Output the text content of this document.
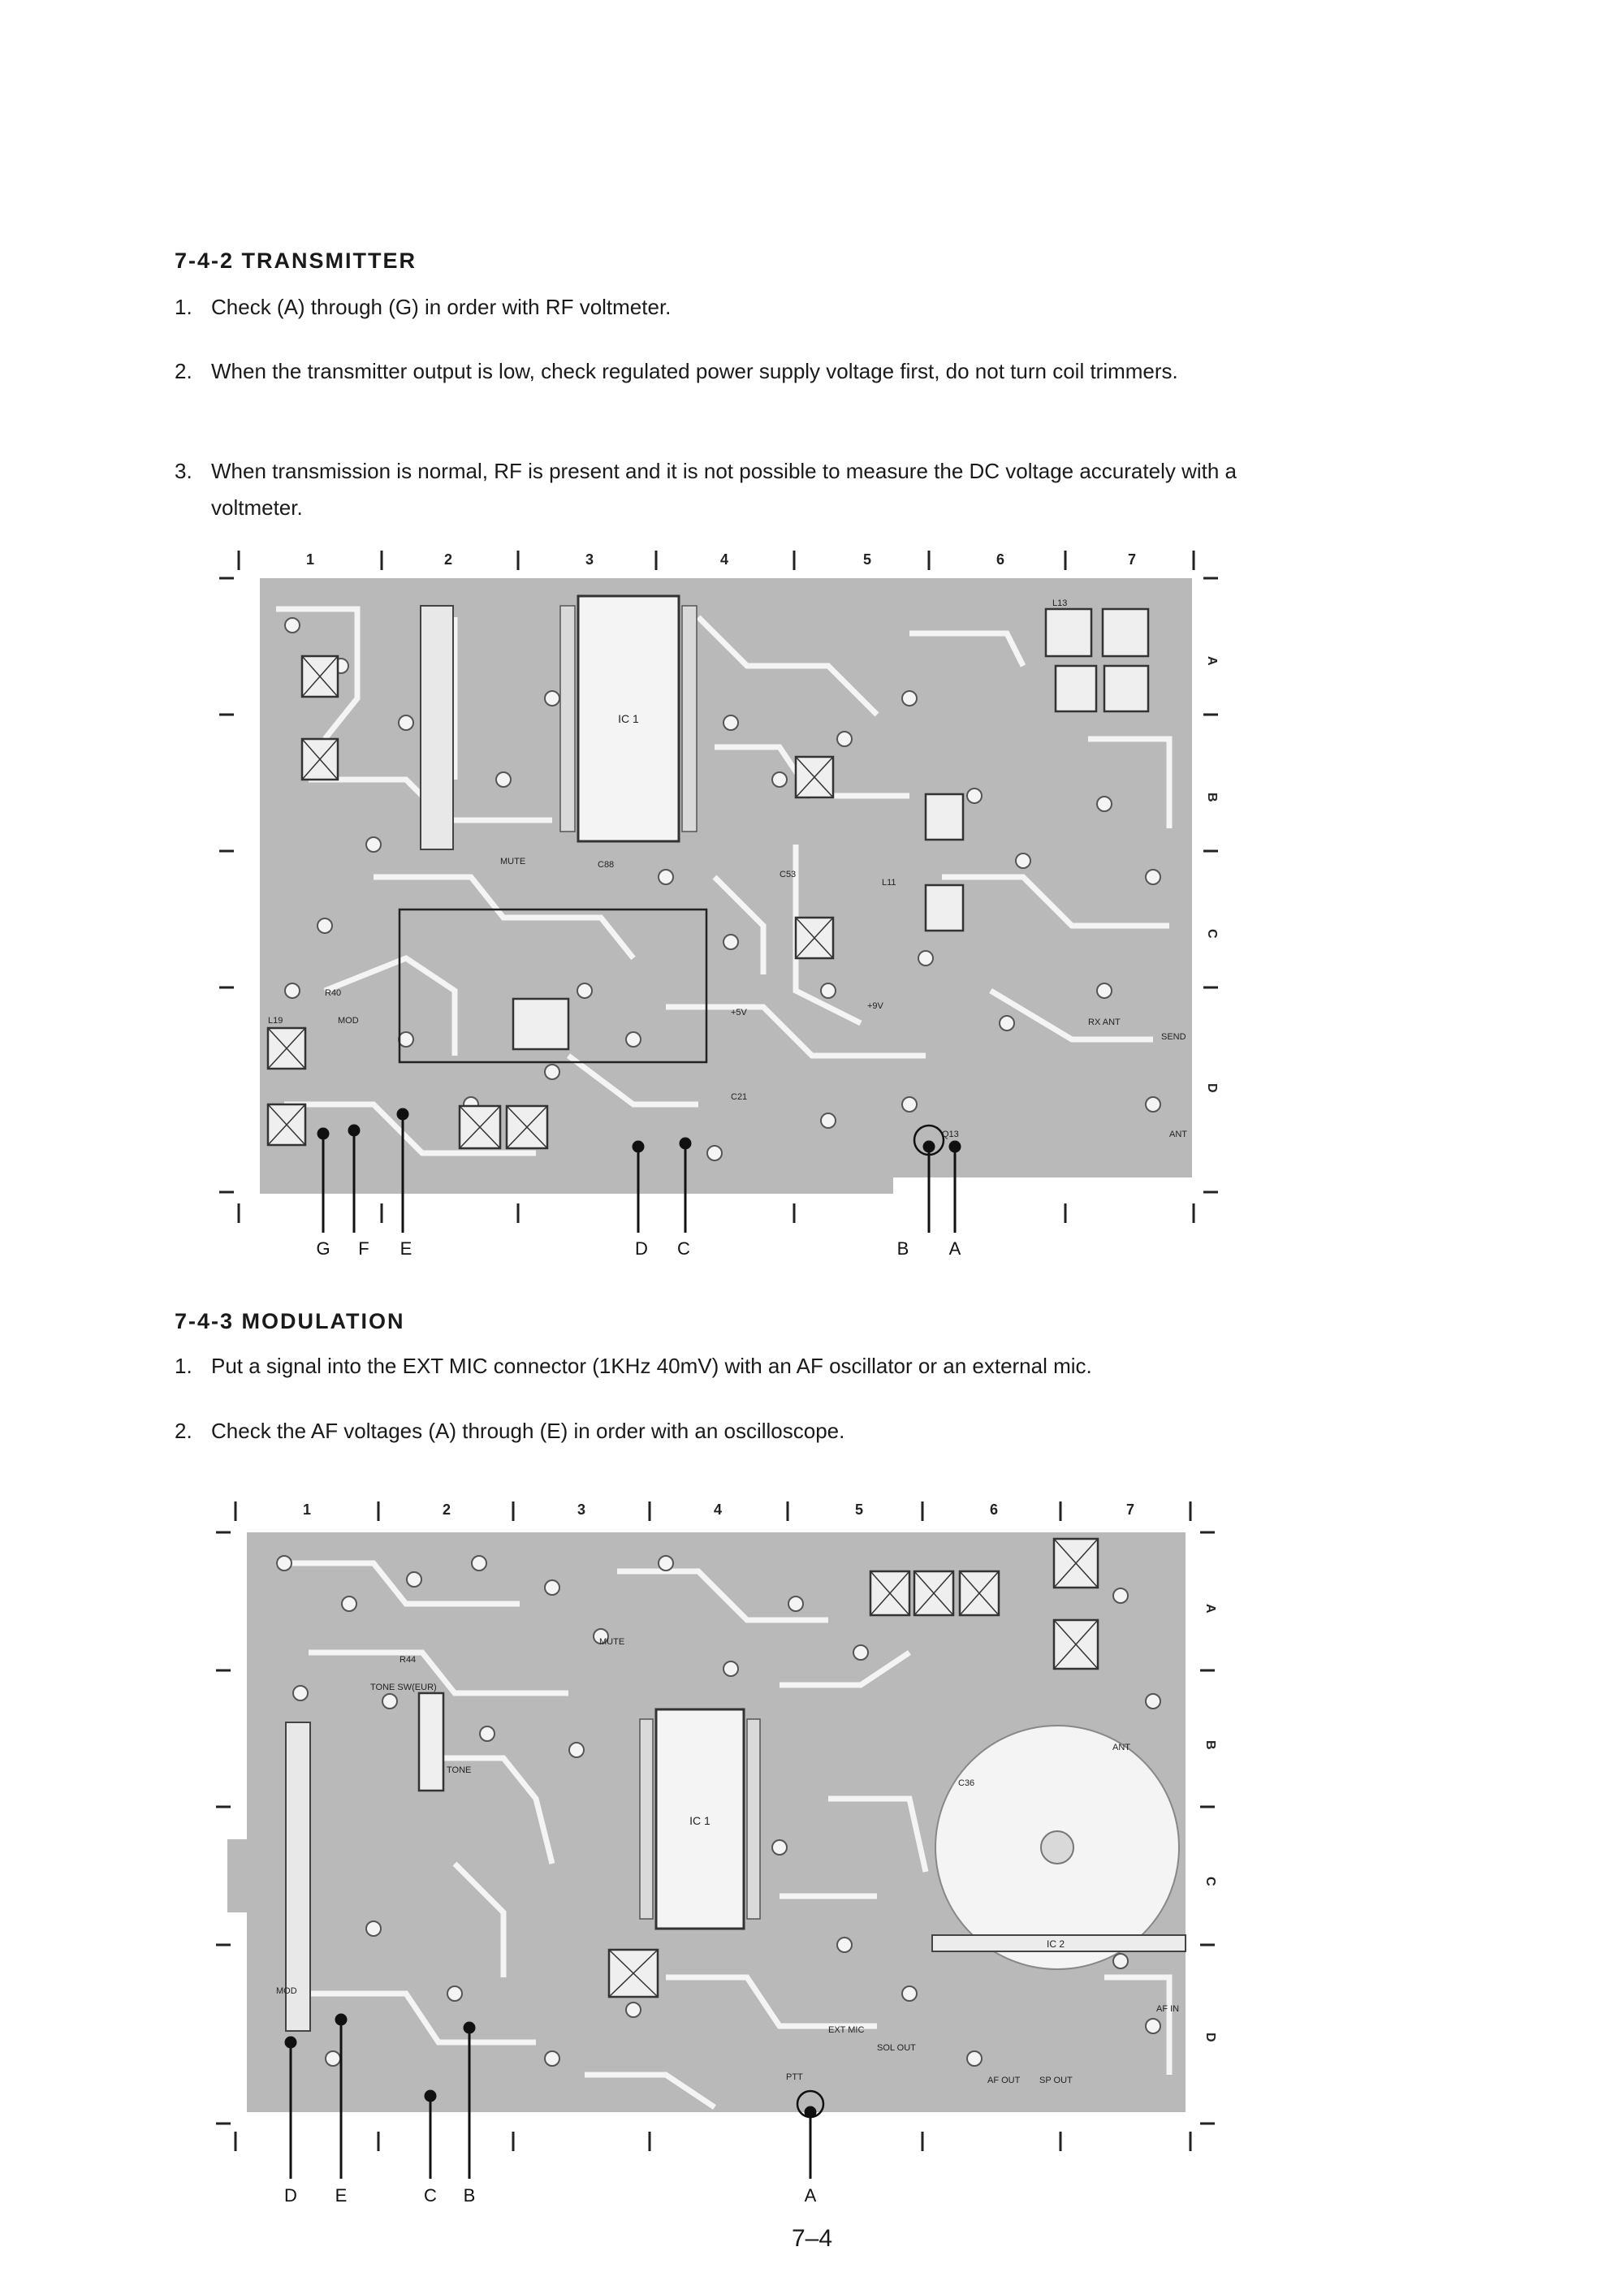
7-4-2 TRANSMITTER
1. Check (A) through (G) in order with RF voltmeter.
2. When the transmitter output is low, check regulated power supply voltage first, do not turn coil trimmers.
3. When transmission is normal, RF is present and it is not possible to measure the DC voltage accurately with a voltmeter.
1	2	3	4	5	6	7
A
B
C
D
IC 1
MUTE
+5V
L13
L19
L11
C53
Q13
SEND
ANT
RX ANT
MOD
R40
C21
C88
+9V
G F E	D C	B A
7-4-3 MODULATION
1. Put a signal into the EXT MIC connector (1KHz 40mV) with an AF oscillator or an external mic.
2. Check the AF voltages (A) through (E) in order with an oscilloscope.
1	2	3	4	5	6	7
A
B
C
D
IC 1
IC 2
TONE SW(EUR)
MUTE
ANT
AF IN
SP OUT
AF OUT
SOL OUT
MOD
PTT
R44
C36
EXT MIC
TONE
D E	C B	A
7–4
